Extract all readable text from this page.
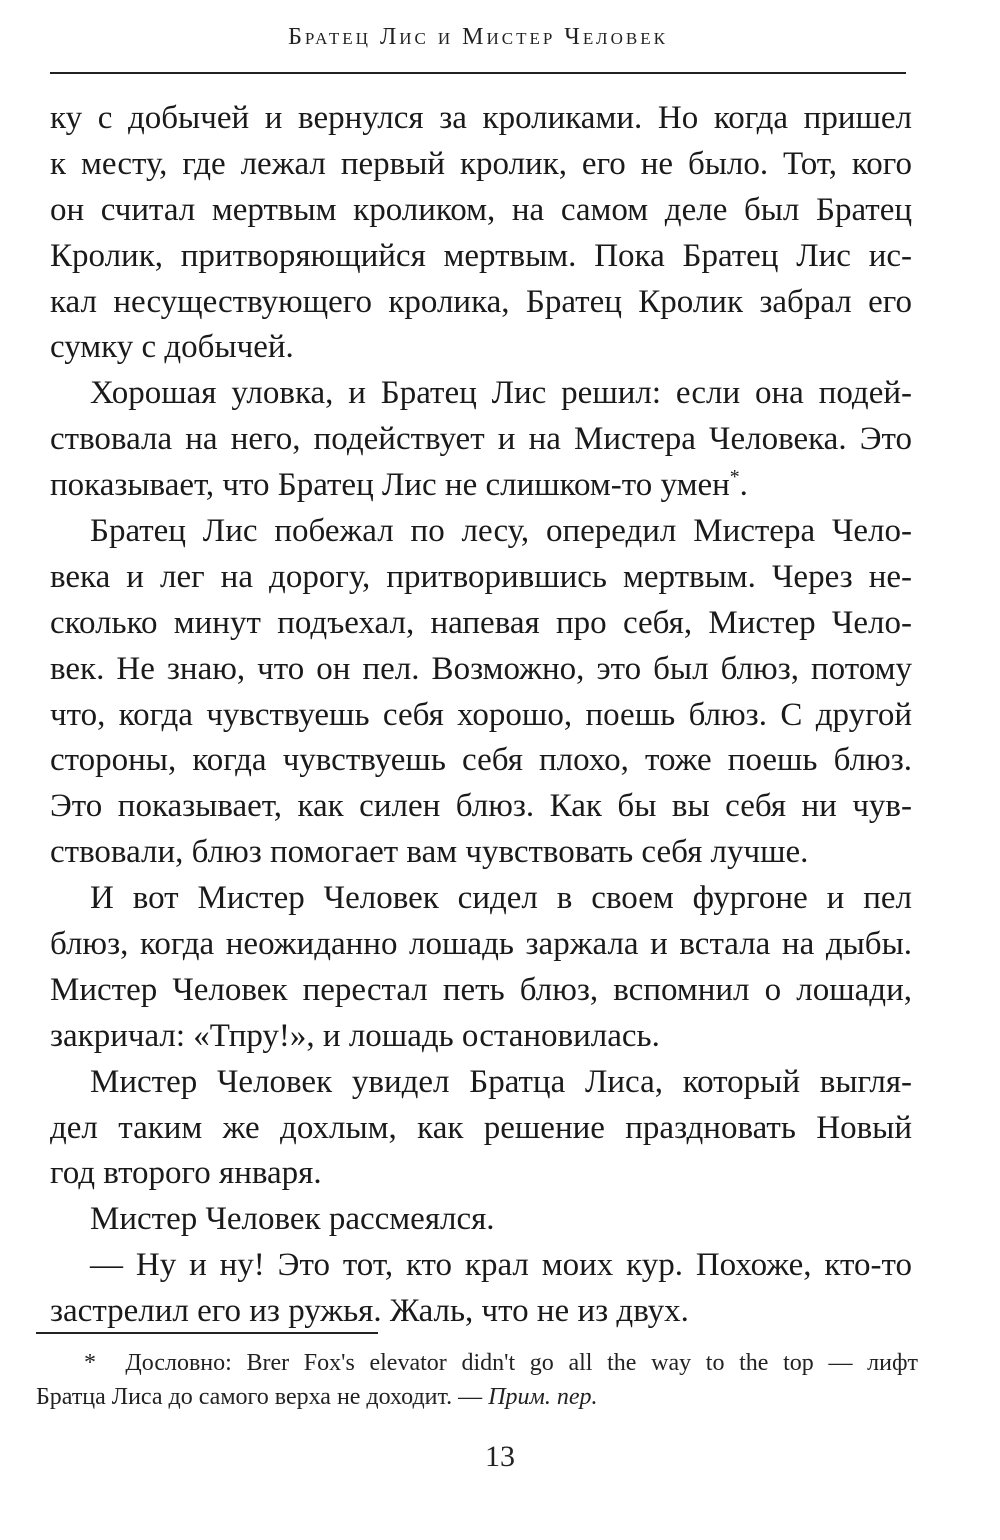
Братец Лис и Мистер Человек
ку с добычей и вернулся за кроликами. Но когда пришел
к месту, где лежал первый кролик, его не было. Тот, кого
он считал мертвым кроликом, на самом деле был Братец
Кролик, притворяющийся мертвым. Пока Братец Лис ис-
кал несуществующего кролика, Братец Кролик забрал его
сумку с добычей.
Хорошая уловка, и Братец Лис решил: если она подей-
ствовала на него, подействует и на Мистера Человека. Это
показывает, что Братец Лис не слишком-то умен*.
Братец Лис побежал по лесу, опередил Мистера Чело-
века и лег на дорогу, притворившись мертвым. Через не-
сколько минут подъехал, напевая про себя, Мистер Чело-
век. Не знаю, что он пел. Возможно, это был блюз, потому
что, когда чувствуешь себя хорошо, поешь блюз. С другой
стороны, когда чувствуешь себя плохо, тоже поешь блюз.
Это показывает, как силен блюз. Как бы вы себя ни чув-
ствовали, блюз помогает вам чувствовать себя лучше.
И вот Мистер Человек сидел в своем фургоне и пел
блюз, когда неожиданно лошадь заржала и встала на дыбы.
Мистер Человек перестал петь блюз, вспомнил о лошади,
закричал: «Тпру!», и лошадь остановилась.
Мистер Человек увидел Братца Лиса, который выгля-
дел таким же дохлым, как решение праздновать Новый
год второго января.
Мистер Человек рассмеялся.
— Ну и ну! Это тот, кто крал моих кур. Похоже, кто-то
застрелил его из ружья. Жаль, что не из двух.
* Дословно: Brer Fox's elevator didn't go all the way to the top — лифт
Братца Лиса до самого верха не доходит. — Прим. пер.
13
